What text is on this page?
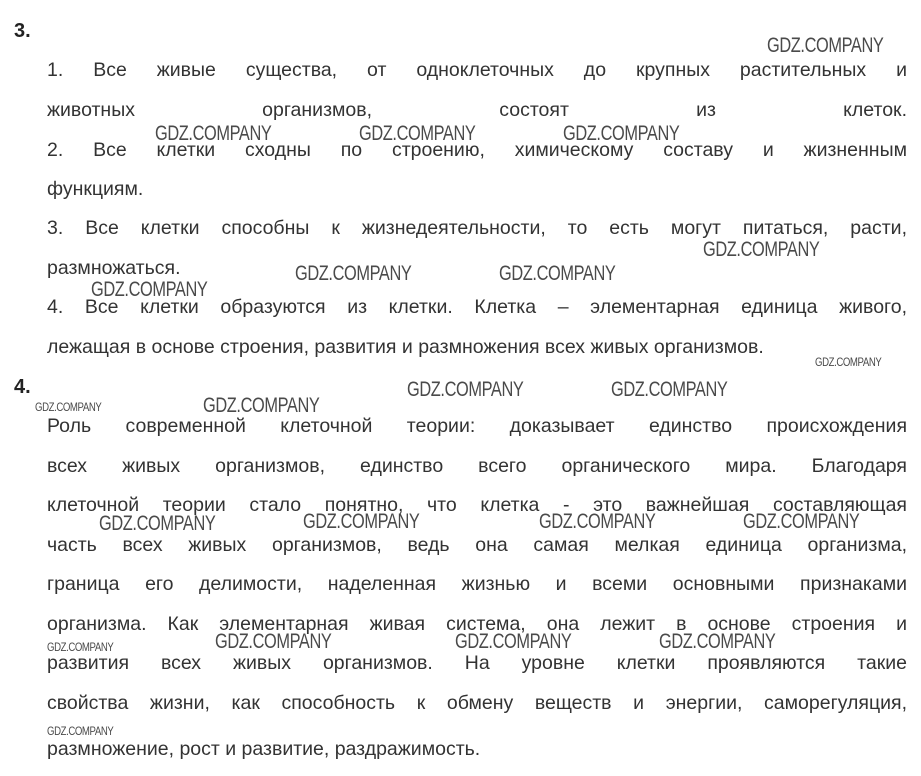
3.
1. Все живые существа, от одноклеточных до крупных растительных и
животных организмов, состоят из клеток.
2. Все клетки сходны по строению, химическому составу и жизненным
функциям.
3. Все клетки способны к жизнедеятельности, то есть могут питаться, расти,
размножаться.
4. Все клетки образуются из клетки. Клетка – элементарная единица живого,
лежащая в основе строения, развития и размножения всех живых организмов.
4.
Роль современной клеточной теории: доказывает единство происхождения
всех живых организмов, единство всего органического мира. Благодаря
клеточной теории стало понятно, что клетка - это важнейшая составляющая
часть всех живых организмов, ведь она самая мелкая единица организма,
граница его делимости, наделенная жизнью и всеми основными признаками
организма. Как элементарная живая система, она лежит в основе строения и
развития всех живых организмов. На уровне клетки проявляются такие
свойства жизни, как способность к обмену веществ и энергии, саморегуляция,
размножение, рост и развитие, раздражимость.
GDZ.COMPANY
GDZ.COMPANY	GDZ.COMPANY	GDZ.COMPANY
GDZ.COMPANY
GDZ.COMPANY	GDZ.COMPANY
GDZ.COMPANY
GDZ.COMPANY
GDZ.COMPANY	GDZ.COMPANY
GDZ.COMPANY	GDZ.COMPANY
GDZ.COMPANY	GDZ.COMPANY	GDZ.COMPANY	GDZ.COMPANY
GDZ.COMPANY	GDZ.COMPANY	GDZ.COMPANY	GDZ.COMPANY
GDZ.COMPANY
